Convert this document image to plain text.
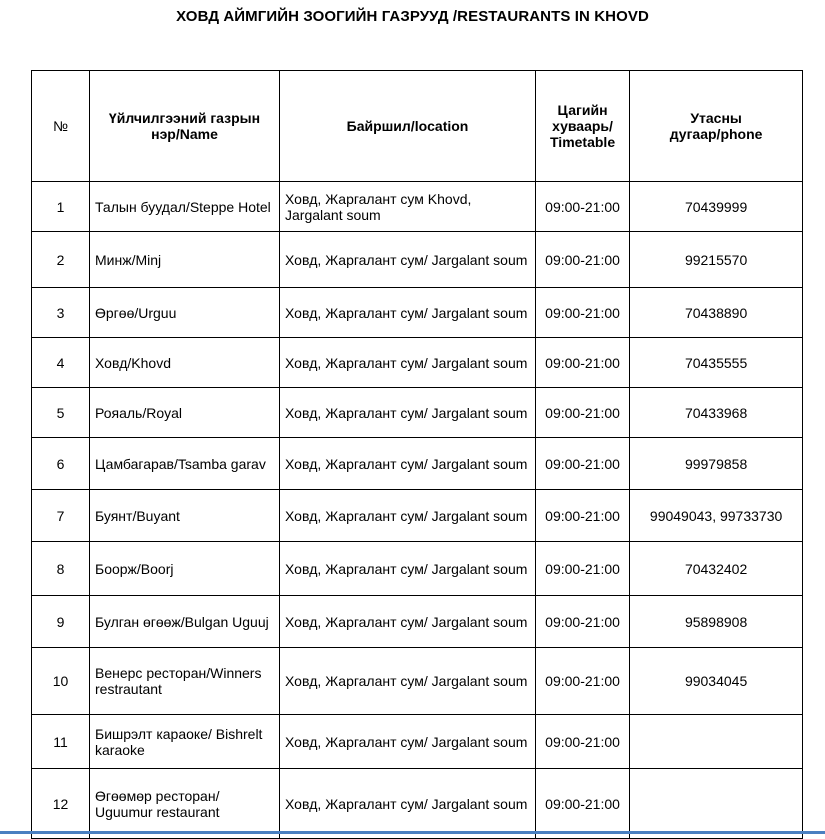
ХОВД АЙМГИЙН ЗООГИЙН ГАЗРУУД /RESTAURANTS IN KHOVD
№	Үйлчилгээний газрын нэр/Name	Байршил/location	Цагийн хуваарь/ Timetable	Утасны дугаар/phone
1	Талын буудал/Steppe Hotel	Ховд, Жаргалант сум Khovd, Jargalant soum	09:00-21:00	70439999
2	Минж/Minj	Ховд, Жаргалант сум/ Jargalant soum	09:00-21:00	99215570
3	Өргөө/Urguu	Ховд, Жаргалант сум/ Jargalant soum	09:00-21:00	70438890
4	Ховд/Khovd	Ховд, Жаргалант сум/ Jargalant soum	09:00-21:00	70435555
5	Рояаль/Royal	Ховд, Жаргалант сум/ Jargalant soum	09:00-21:00	70433968
6	Цамбагарав/Tsamba garav	Ховд, Жаргалант сум/ Jargalant soum	09:00-21:00	99979858
7	Буянт/Buyant	Ховд, Жаргалант сум/ Jargalant soum	09:00-21:00	99049043, 99733730
8	Боорж/Boorj	Ховд, Жаргалант сум/ Jargalant soum	09:00-21:00	70432402
9	Булган өгөөж/Bulgan Uguuj	Ховд, Жаргалант сум/ Jargalant soum	09:00-21:00	95898908
10	Венерс ресторан/Winners restrautant	Ховд, Жаргалант сум/ Jargalant soum	09:00-21:00	99034045
11	Бишрэлт караоке/ Bishrelt karaoke	Ховд, Жаргалант сум/ Jargalant soum	09:00-21:00	
12	Өгөөмөр ресторан/ Uguumur restaurant	Ховд, Жаргалант сум/ Jargalant soum	09:00-21:00	
